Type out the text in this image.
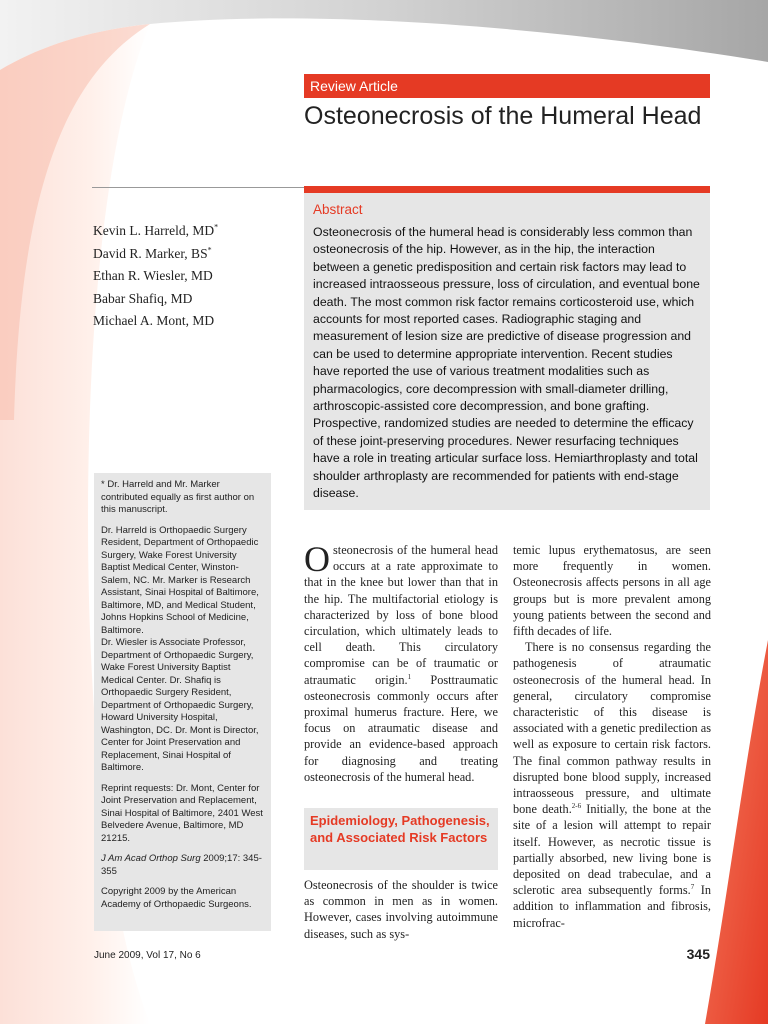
Review Article
Osteonecrosis of the Humeral Head
Abstract

Osteonecrosis of the humeral head is considerably less common than osteonecrosis of the hip. However, as in the hip, the interaction between a genetic predisposition and certain risk factors may lead to increased intraosseous pressure, loss of circulation, and eventual bone death. The most common risk factor remains corticosteroid use, which accounts for most reported cases. Radiographic staging and measurement of lesion size are predictive of disease progression and can be used to determine appropriate intervention. Recent studies have reported the use of various treatment modalities such as pharmacologics, core decompression with small-diameter drilling, arthroscopic-assisted core decompression, and bone grafting. Prospective, randomized studies are needed to determine the efficacy of these joint-preserving procedures. Newer resurfacing techniques have a role in treating articular surface loss. Hemiarthroplasty and total shoulder arthroplasty are recommended for patients with end-stage disease.

Kevin L. Harreld, MD*
David R. Marker, BS*
Ethan R. Wiesler, MD
Babar Shafiq, MD
Michael A. Mont, MD

* Dr. Harreld and Mr. Marker contributed equally as first author on this manuscript.

Dr. Harreld is Orthopaedic Surgery Resident, Department of Orthopaedic Surgery, Wake Forest University Baptist Medical Center, Winston-Salem, NC. Mr. Marker is Research Assistant, Sinai Hospital of Baltimore, Baltimore, MD, and Medical Student, Johns Hopkins School of Medicine, Baltimore.

Dr. Wiesler is Associate Professor, Department of Orthopaedic Surgery, Wake Forest University Baptist Medical Center. Dr. Shafiq is Orthopaedic Surgery Resident, Department of Orthopaedic Surgery, Howard University Hospital, Washington, DC. Dr. Mont is Director, Center for Joint Preservation and Replacement, Sinai Hospital of Baltimore.

Reprint requests: Dr. Mont, Center for Joint Preservation and Replacement, Sinai Hospital of Baltimore, 2401 West Belvedere Avenue, Baltimore, MD 21215.

J Am Acad Orthop Surg 2009;17: 345-355

Copyright 2009 by the American Academy of Orthopaedic Surgeons.

Osteonecrosis of the humeral head occurs at a rate approximate to that in the knee but lower than that in the hip. The multifactorial etiology is characterized by loss of bone blood circulation, which ultimately leads to cell death. This circulatory compromise can be of traumatic or atraumatic origin.$^1$ Posttraumatic osteonecrosis commonly occurs after proximal humerus fracture. Here, we focus on atraumatic disease and provide an evidence-based approach for diagnosing and treating osteonecrosis of the humeral head.

Epidemiology, Pathogenesis, and Associated Risk Factors

Osteonecrosis of the shoulder is twice as common in men as in women. However, cases involving autoimmune diseases, such as sys-

temic lupus erythematosus, are seen more frequently in women. Osteonecrosis affects persons in all age groups but is more prevalent among young patients between the second and fifth decades of life.

There is no consensus regarding the pathogenesis of atraumatic osteonecrosis of the humeral head. In general, circulatory compromise characteristic of this disease is associated with a genetic predilection as well as exposure to certain risk factors. The final common pathway results in disrupted bone blood supply, increased intraosseous pressure, and ultimate bone death.$^{2-6}$ Initially, the bone at the site of a lesion will attempt to repair itself. However, as necrotic tissue is partially absorbed, new living bone is deposited on dead trabeculae, and a sclerotic area subsequently forms.$^7$ In addition to inflammation and fibrosis, microfrac-

June 2009, Vol 17, No 6	345
